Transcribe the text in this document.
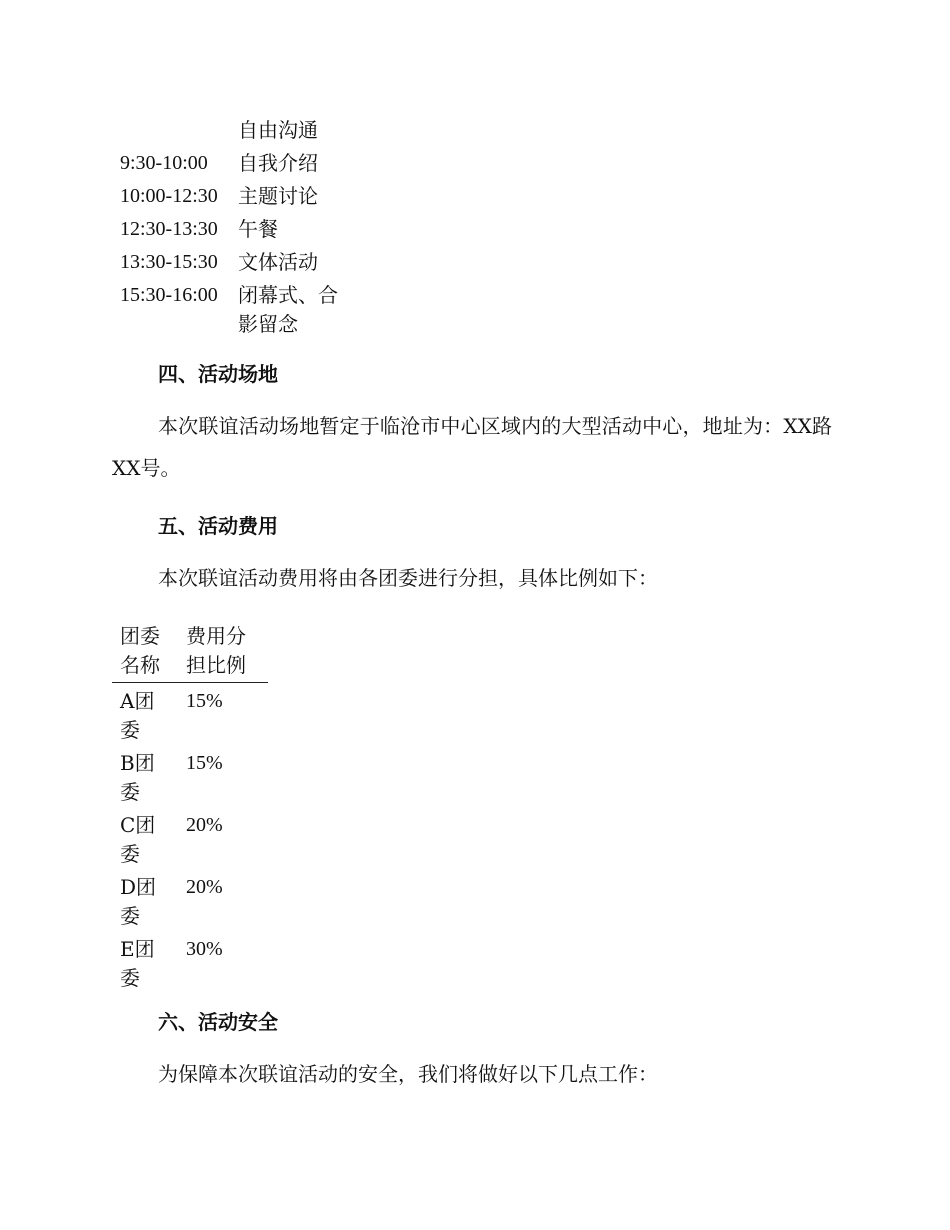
	自由沟通
9:30-10:00	自我介绍
10:00-12:30	主题讨论
12:30-13:30	午餐
13:30-15:30	文体活动
15:30-16:00	闭幕式、合影留念
四、活动场地

本次联谊活动场地暂定于临沧市中心区域内的大型活动中心，地址为：XX路XX号。

五、活动费用

本次联谊活动费用将由各团委进行分担，具体比例如下：

团委名称	费用分担比例

A团委	15%

B团委	15%

C团委	20%

D团委	20%

E团委	30%
六、活动安全

为保障本次联谊活动的安全，我们将做好以下几点工作：
